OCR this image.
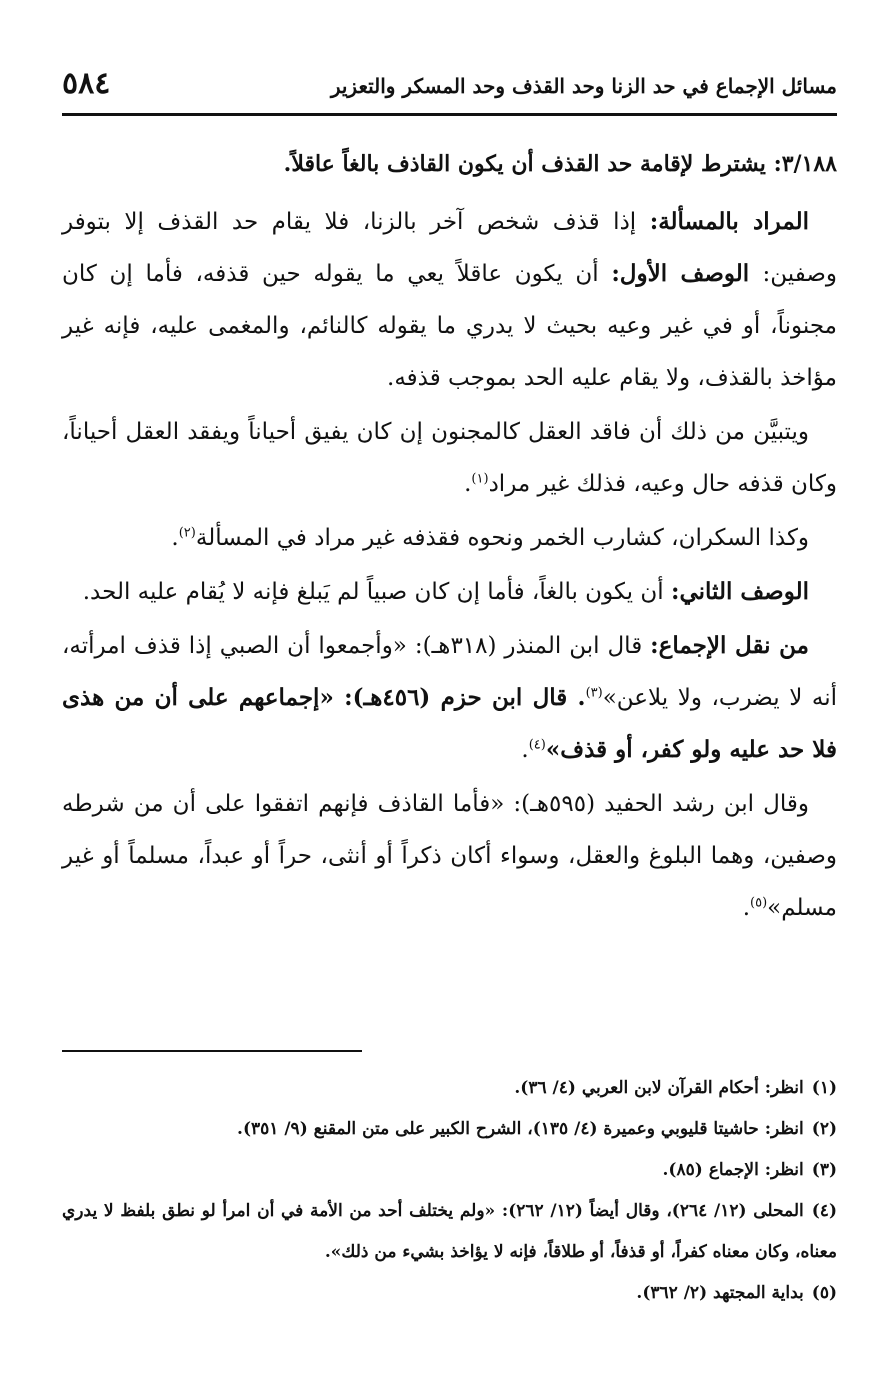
مسائل الإجماع في حد الزنا وحد القذف وحد المسكر والتعزير
٥٨٤

٣/١٨٨: يشترط لإقامة حد القذف أن يكون القاذف بالغاً عاقلاً.

المراد بالمسألة: إذا قذف شخص آخر بالزنا، فلا يقام حد القذف إلا بتوفر وصفين: الوصف الأول: أن يكون عاقلاً يعي ما يقوله حين قذفه، فأما إن كان مجنوناً، أو في غير وعيه بحيث لا يدري ما يقوله كالنائم، والمغمى عليه، فإنه غير مؤاخذ بالقذف، ولا يقام عليه الحد بموجب قذفه.

ويتبيَّن من ذلك أن فاقد العقل كالمجنون إن كان يفيق أحياناً ويفقد العقل أحياناً، وكان قذفه حال وعيه، فذلك غير مراد$^{(١)}$.

وكذا السكران، كشارب الخمر ونحوه فقذفه غير مراد في المسألة$^{(٢)}$.

الوصف الثاني: أن يكون بالغاً، فأما إن كان صبياً لم يَبلغ فإنه لا يُقام عليه الحد.

من نقل الإجماع: قال ابن المنذر (٣١٨هـ): «وأجمعوا أن الصبي إذا قذف امرأته، أنه لا يضرب، ولا يلاعن»$^{(٣)}$. قال ابن حزم (٤٥٦هـ): «إجماعهم على أن من هذى فلا حد عليه ولو كفر، أو قذف»$^{(٤)}$.

وقال ابن رشد الحفيد (٥٩٥هـ): «فأما القاذف فإنهم اتفقوا على أن من شرطه وصفين، وهما البلوغ والعقل، وسواء أكان ذكراً أو أنثى، حراً أو عبداً، مسلماً أو غير مسلم»$^{(٥)}$.

(١)انظر: أحكام القرآن لابن العربي (٤/ ٣٦).

(٢)انظر: حاشيتا قليوبي وعميرة (٤/ ١٣٥)، الشرح الكبير على متن المقنع (٩/ ٣٥١).

(٣)انظر: الإجماع (٨٥).

(٤)المحلى (١٢/ ٢٦٤)، وقال أيضاً (١٢/ ٢٦٢): «ولم يختلف أحد من الأمة في أن امرأ لو نطق بلفظ لا يدري معناه، وكان معناه كفراً، أو قذفاً، أو طلاقاً، فإنه لا يؤاخذ بشيء من ذلك».

(٥)بداية المجتهد (٢/ ٣٦٢).
